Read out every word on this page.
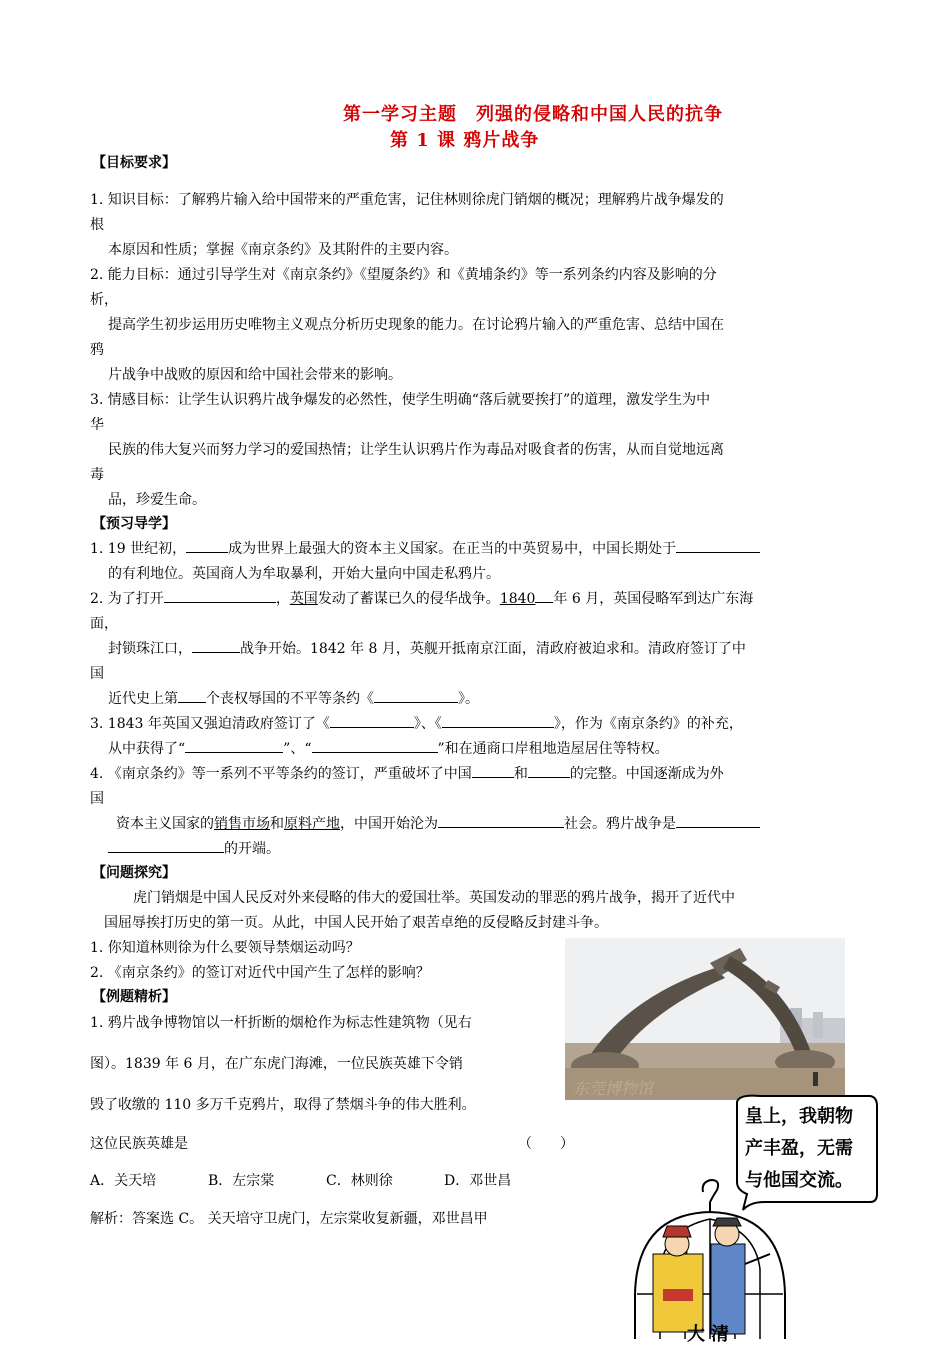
第一学习主题　列强的侵略和中国人民的抗争
第 1 课 鸦片战争
【目标要求】
1. 知识目标：了解鸦片输入给中国带来的严重危害，记住林则徐虎门销烟的概况；理解鸦片战争爆发的
根
本原因和性质；掌握《南京条约》及其附件的主要内容。
2. 能力目标：通过引导学生对《南京条约》《望厦条约》和《黄埔条约》等一系列条约内容及影响的分
析，
提高学生初步运用历史唯物主义观点分析历史现象的能力。在讨论鸦片输入的严重危害、总结中国在
鸦
片战争中战败的原因和给中国社会带来的影响。
3. 情感目标：让学生认识鸦片战争爆发的必然性，使学生明确“落后就要挨打”的道理，激发学生为中
华
民族的伟大复兴而努力学习的爱国热情；让学生认识鸦片作为毒品对吸食者的伤害，从而自觉地远离
毒
品，珍爱生命。
【预习导学】
1. 19 世纪初，	成为世界上最强大的资本主义国家。在正当的中英贸易中，中国长期处于
的有利地位。英国商人为牟取暴利，开始大量向中国走私鸦片。
2. 为了打开	，英国发动了蓄谋已久的侵华战争。1840 年 6 月，英国侵略军到达广东海
面，
封锁珠江口，	战争开始。1842 年 8 月，英舰开抵南京江面，清政府被迫求和。清政府签订了中
国
近代史上第 个丧权辱国的不平等条约《	》。
3. 1843 年英国又强迫清政府签订了《	》、《	》，作为《南京条约》的补充，
从中获得了“	”、“	”和在通商口岸租地造屋居住等特权。
4. 《南京条约》等一系列不平等条约的签订，严重破坏了中国	和	的完整。中国逐渐成为外
国
资本主义国家的销售市场和原料产地，中国开始沦为	社会。鸦片战争是
的开端。
【问题探究】
虎门销烟是中国人民反对外来侵略的伟大的爱国壮举。英国发动的罪恶的鸦片战争，揭开了近代中
国屈辱挨打历史的第一页。从此，中国人民开始了艰苦卓绝的反侵略反封建斗争。
1. 你知道林则徐为什么要领导禁烟运动吗？
2. 《南京条约》的签订对近代中国产生了怎样的影响？
【例题精析】
1. 鸦片战争博物馆以一杆折断的烟枪作为标志性建筑物（见右
图）。1839 年 6 月，在广东虎门海滩，一位民族英雄下令销
毁了收缴的 110 多万千克鸦片，取得了禁烟斗争的伟大胜利。
这位民族英雄是	（　　）
A．关天培	B．左宗棠	C．林则徐	D．邓世昌
解析：答案选 C。 关天培守卫虎门，左宗棠收复新疆，邓世昌甲
东莞博物馆
皇上，我朝物
产丰盈，无需
与他国交流。
大清
